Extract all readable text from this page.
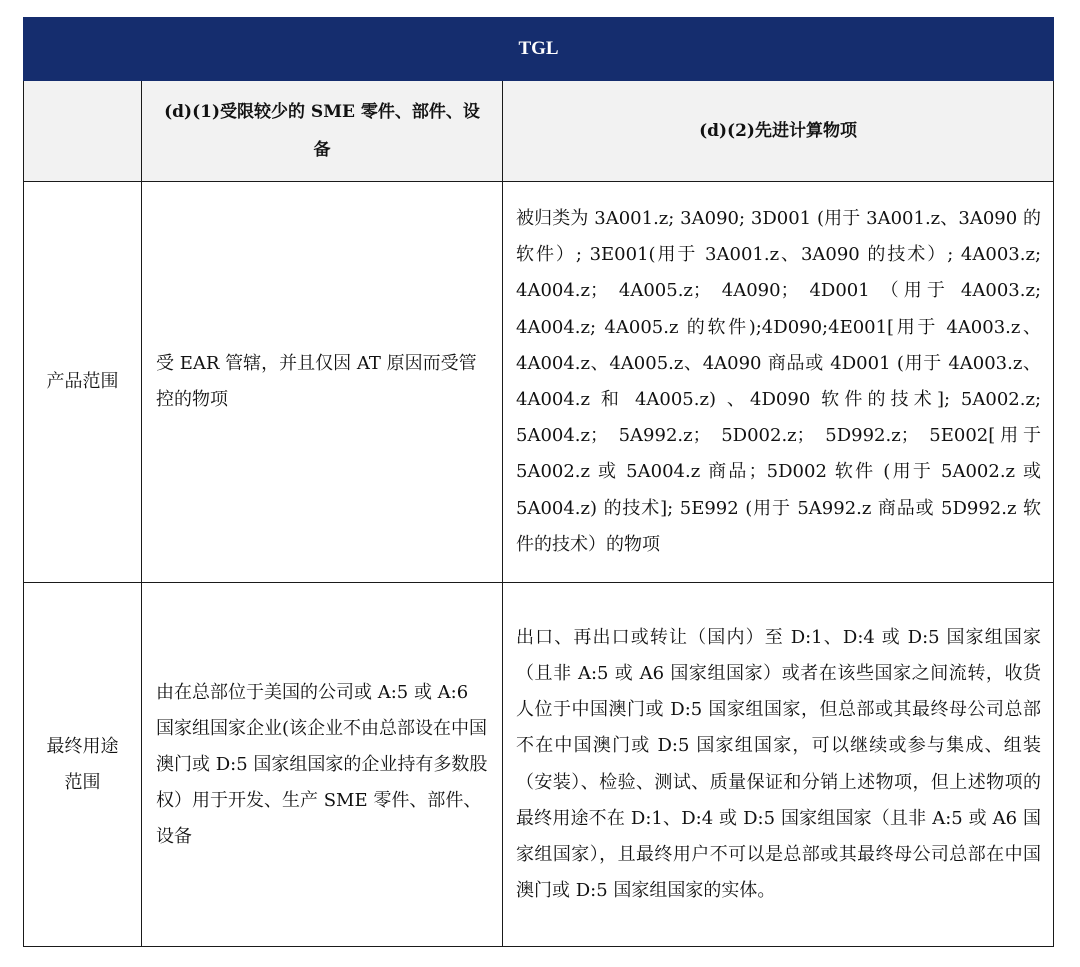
TGL		
	(d)(1)受限较少的 SME 零件、部件、设备	(d)(2)先进计算物项
产品范围	受 EAR 管辖，并且仅因 AT 原因而受管控的物项	被归类为 3A001.z; 3A090; 3D001 (用于 3A001.z、3A090 的软件）; 3E001(用于 3A001.z、3A090 的技术）; 4A003.z; 4A004.z； 4A005.z； 4A090； 4D001 （用于 4A003.z; 4A004.z; 4A005.z 的软件);4D090;4E001[用于 4A003.z、4A004.z、4A005.z、4A090 商品或 4D001 (用于 4A003.z、4A004.z 和 4A005.z) 、4D090 软件的技术]; 5A002.z; 5A004.z； 5A992.z； 5D002.z； 5D992.z； 5E002[用于 5A002.z 或 5A004.z 商品；5D002 软件 (用于 5A002.z 或 5A004.z) 的技术]; 5E992 (用于 5A992.z 商品或 5D992.z 软件的技术）的物项
最终用途范围	由在总部位于美国的公司或 A:5 或 A:6 国家组国家企业(该企业不由总部设在中国澳门或 D:5 国家组国家的企业持有多数股权）用于开发、生产 SME 零件、部件、设备	出口、再出口或转让（国内）至 D:1、D:4 或 D:5 国家组国家（且非 A:5 或 A6 国家组国家）或者在该些国家之间流转，收货人位于中国澳门或 D:5 国家组国家，但总部或其最终母公司总部不在中国澳门或 D:5 国家组国家，可以继续或参与集成、组装（安装）、检验、测试、质量保证和分销上述物项，但上述物项的最终用途不在 D:1、D:4 或 D:5 国家组国家（且非 A:5 或 A6 国家组国家），且最终用户不可以是总部或其最终母公司总部在中国澳门或 D:5 国家组国家的实体。
